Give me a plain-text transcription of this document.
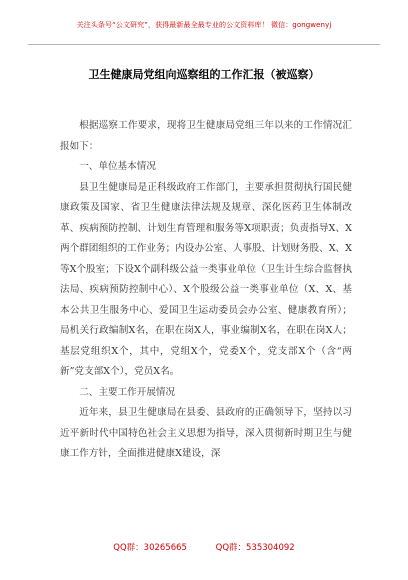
关注头条号“公文研究”，获得最新最全最专业的公文资料库！ 微信：gongwenyj
卫生健康局党组向巡察组的工作汇报（被巡察）

根据巡察工作要求，现将卫生健康局党组三年以来的工作情况汇报如下：

一、单位基本情况

县卫生健康局是正科级政府工作部门，主要承担贯彻执行国民健康政策及国家、省卫生健康法律法规及规章、深化医药卫生体制改革、疾病预防控制、计划生育管理和服务等X项职责；负责指导X、X两个群团组织的工作业务；内设办公室、人事股、计划财务股、X、X等X个股室；下设X个副科级公益一类事业单位（卫生计生综合监督执法局、疾病预防控制中心）、X个股级公益一类事业单位（X、X、基本公共卫生服务中心、爱国卫生运动委员会办公室、健康教育所）；局机关行政编制X名，在职在岗X人，事业编制X名，在职在岗X人；基层党组织X个，其中，党组X个，党委X个，党支部X个（含“两新”党支部X个），党员X名。

二、主要工作开展情况

近年来，县卫生健康局在县委、县政府的正确领导下，坚持以习近平新时代中国特色社会主义思想为指导，深入贯彻新时期卫生与健康工作方针，全面推进健康X建设，深

QQ群：30265665	QQ群：535304092
